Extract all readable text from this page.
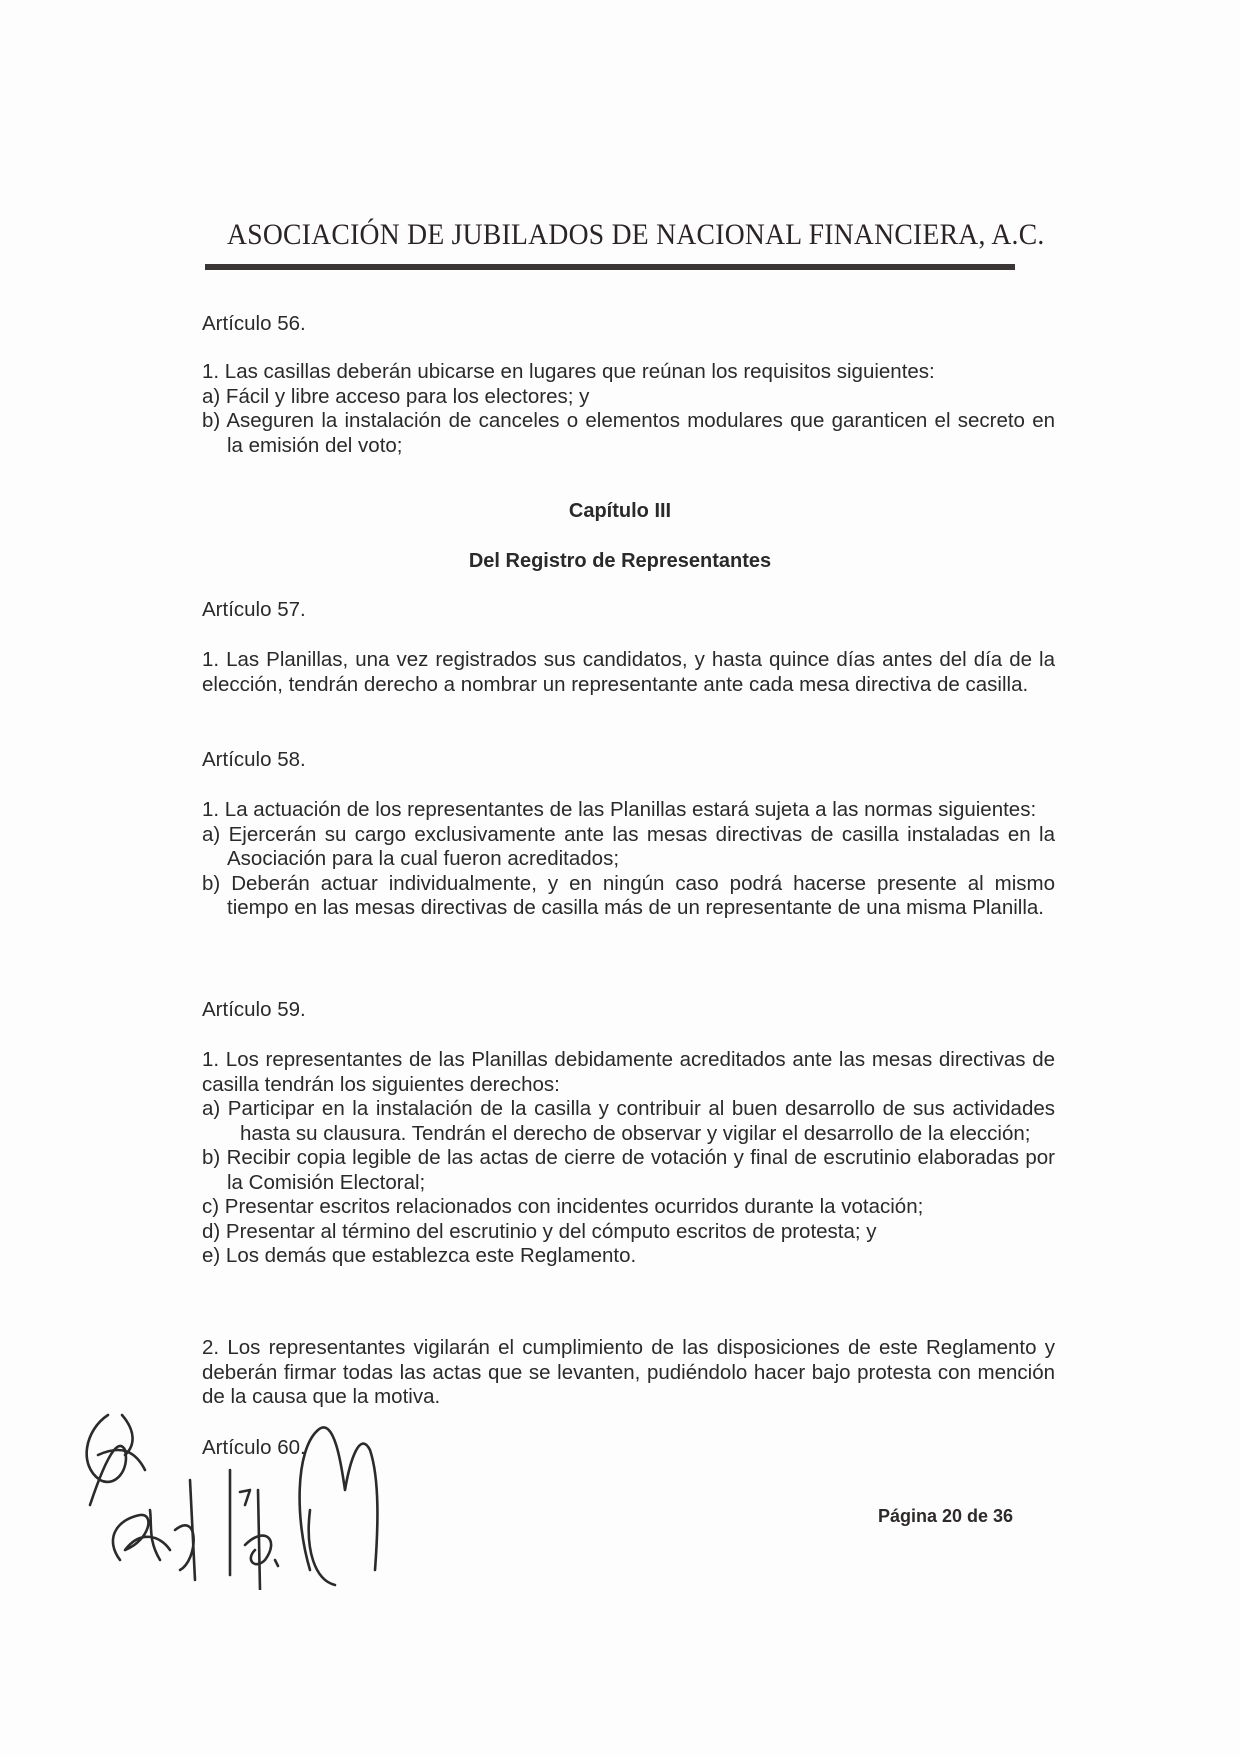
ASOCIACIÓN DE JUBILADOS DE NACIONAL FINANCIERA, A.C.
Artículo 56.
1. Las casillas deberán ubicarse en lugares que reúnan los requisitos siguientes:
a) Fácil y libre acceso para los electores; y
b) Aseguren la instalación de canceles o elementos modulares que garanticen el secreto en la emisión del voto;
Capítulo III
Del Registro de Representantes
Artículo 57.
1. Las Planillas, una vez registrados sus candidatos, y hasta quince días antes del día de la elección, tendrán derecho a nombrar un representante ante cada mesa directiva de casilla.
Artículo 58.
1. La actuación de los representantes de las Planillas estará sujeta a las normas siguientes:
a) Ejercerán su cargo exclusivamente ante las mesas directivas de casilla instaladas en la Asociación para la cual fueron acreditados;
b) Deberán actuar individualmente, y en ningún caso podrá hacerse presente al mismo tiempo en las mesas directivas de casilla más de un representante de una misma Planilla.
Artículo 59.
1. Los representantes de las Planillas debidamente acreditados ante las mesas directivas de casilla tendrán los siguientes derechos:
a) Participar en la instalación de la casilla y contribuir al buen desarrollo de sus actividades hasta su clausura. Tendrán el derecho de observar y vigilar el desarrollo de la elección;
b) Recibir copia legible de las actas de cierre de votación y final de escrutinio elaboradas por la Comisión Electoral;
c) Presentar escritos relacionados con incidentes ocurridos durante la votación;
d) Presentar al término del escrutinio y del cómputo escritos de protesta; y
e) Los demás que establezca este Reglamento.
2. Los representantes vigilarán el cumplimiento de las disposiciones de este Reglamento y deberán firmar todas las actas que se levanten, pudiéndolo hacer bajo protesta con mención de la causa que la motiva.
Artículo 60.
Página 20 de 36
